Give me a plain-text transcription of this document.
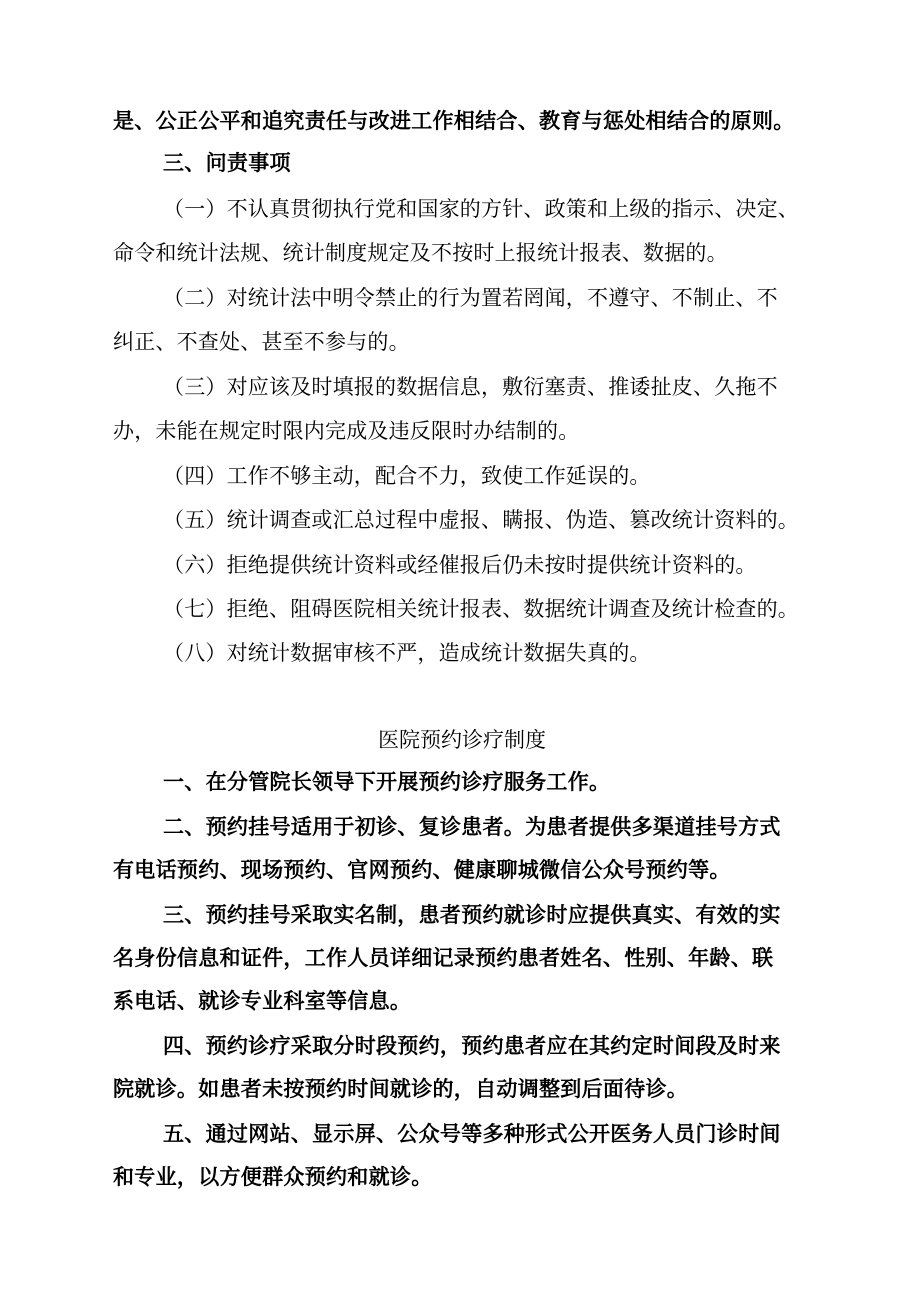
是、公正公平和追究责任与改进工作相结合、教育与惩处相结合的原则。
三、问责事项
（一）不认真贯彻执行党和国家的方针、政策和上级的指示、决定、
命令和统计法规、统计制度规定及不按时上报统计报表、数据的。
（二）对统计法中明令禁止的行为置若罔闻，不遵守、不制止、不
纠正、不查处、甚至不参与的。
（三）对应该及时填报的数据信息，敷衍塞责、推诿扯皮、久拖不
办，未能在规定时限内完成及违反限时办结制的。
（四）工作不够主动，配合不力，致使工作延误的。
（五）统计调查或汇总过程中虚报、瞒报、伪造、篡改统计资料的。
（六）拒绝提供统计资料或经催报后仍未按时提供统计资料的。
（七）拒绝、阻碍医院相关统计报表、数据统计调查及统计检查的。
（八）对统计数据审核不严，造成统计数据失真的。
医院预约诊疗制度
一、在分管院长领导下开展预约诊疗服务工作。
二、预约挂号适用于初诊、复诊患者。为患者提供多渠道挂号方式
有电话预约、现场预约、官网预约、健康聊城微信公众号预约等。
三、预约挂号采取实名制，患者预约就诊时应提供真实、有效的实
名身份信息和证件，工作人员详细记录预约患者姓名、性别、年龄、联
系电话、就诊专业科室等信息。
四、预约诊疗采取分时段预约，预约患者应在其约定时间段及时来
院就诊。如患者未按预约时间就诊的，自动调整到后面待诊。
五、通过网站、显示屏、公众号等多种形式公开医务人员门诊时间
和专业，以方便群众预约和就诊。
